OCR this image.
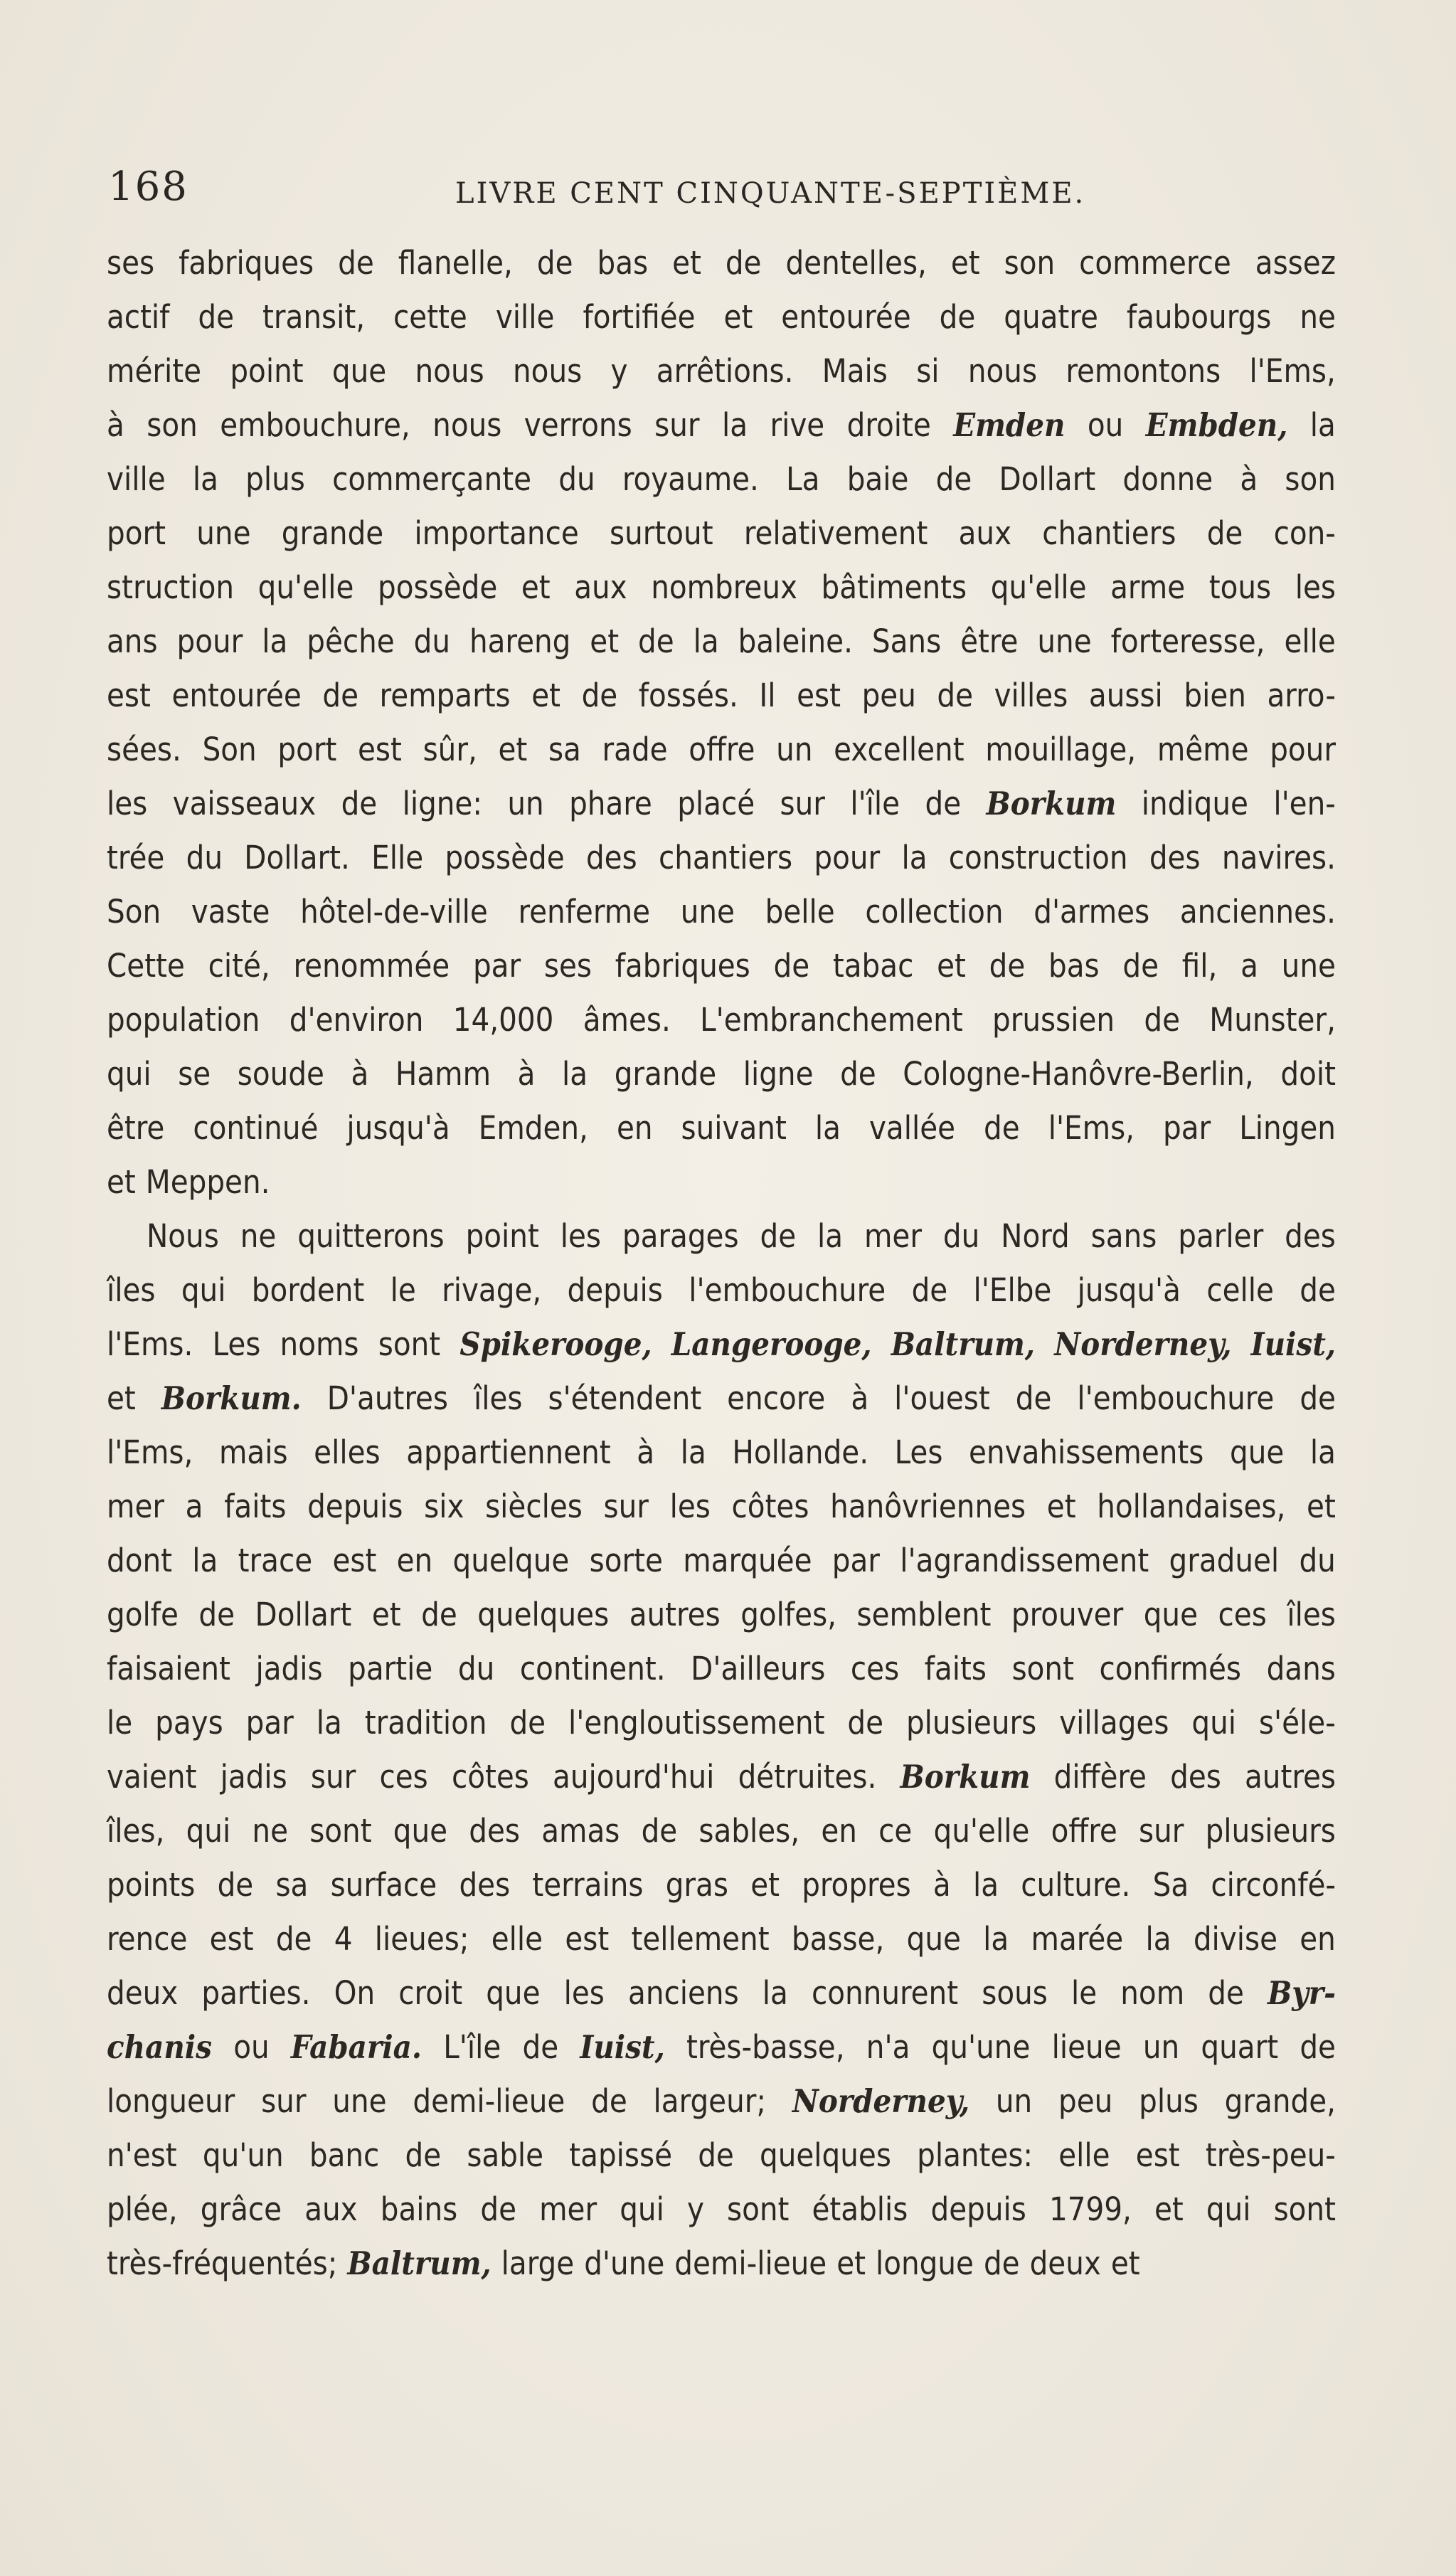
168	LIVRE CENT CINQUANTE-SEPTIÈME.
ses fabriques de flanelle, de bas et de dentelles, et son commerce assez
actif de transit, cette ville fortifiée et entourée de quatre faubourgs ne
mérite point que nous nous y arrêtions. Mais si nous remontons l'Ems,
à son embouchure, nous verrons sur la rive droite Emden ou Embden, la
ville la plus commerçante du royaume. La baie de Dollart donne à son
port une grande importance surtout relativement aux chantiers de con-
struction qu'elle possède et aux nombreux bâtiments qu'elle arme tous les
ans pour la pêche du hareng et de la baleine. Sans être une forteresse, elle
est entourée de remparts et de fossés. Il est peu de villes aussi bien arro-
sées. Son port est sûr, et sa rade offre un excellent mouillage, même pour
les vaisseaux de ligne: un phare placé sur l'île de Borkum indique l'en-
trée du Dollart. Elle possède des chantiers pour la construction des navires.
Son vaste hôtel-de-ville renferme une belle collection d'armes anciennes.
Cette cité, renommée par ses fabriques de tabac et de bas de fil, a une
population d'environ 14,000 âmes. L'embranchement prussien de Munster,
qui se soude à Hamm à la grande ligne de Cologne-Hanôvre-Berlin, doit
être continué jusqu'à Emden, en suivant la vallée de l'Ems, par Lingen
et Meppen.
Nous ne quitterons point les parages de la mer du Nord sans parler des
îles qui bordent le rivage, depuis l'embouchure de l'Elbe jusqu'à celle de
l'Ems. Les noms sont Spikerooge, Langerooge, Baltrum, Norderney, Iuist,
et Borkum. D'autres îles s'étendent encore à l'ouest de l'embouchure de
l'Ems, mais elles appartiennent à la Hollande. Les envahissements que la
mer a faits depuis six siècles sur les côtes hanôvriennes et hollandaises, et
dont la trace est en quelque sorte marquée par l'agrandissement graduel du
golfe de Dollart et de quelques autres golfes, semblent prouver que ces îles
faisaient jadis partie du continent. D'ailleurs ces faits sont confirmés dans
le pays par la tradition de l'engloutissement de plusieurs villages qui s'éle-
vaient jadis sur ces côtes aujourd'hui détruites. Borkum diffère des autres
îles, qui ne sont que des amas de sables, en ce qu'elle offre sur plusieurs
points de sa surface des terrains gras et propres à la culture. Sa circonfé-
rence est de 4 lieues; elle est tellement basse, que la marée la divise en
deux parties. On croit que les anciens la connurent sous le nom de Byr-
chanis ou Fabaria. L'île de Iuist, très-basse, n'a qu'une lieue un quart de
longueur sur une demi-lieue de largeur; Norderney, un peu plus grande,
n'est qu'un banc de sable tapissé de quelques plantes: elle est très-peu-
plée, grâce aux bains de mer qui y sont établis depuis 1799, et qui sont
très-fréquentés; Baltrum, large d'une demi-lieue et longue de deux et
